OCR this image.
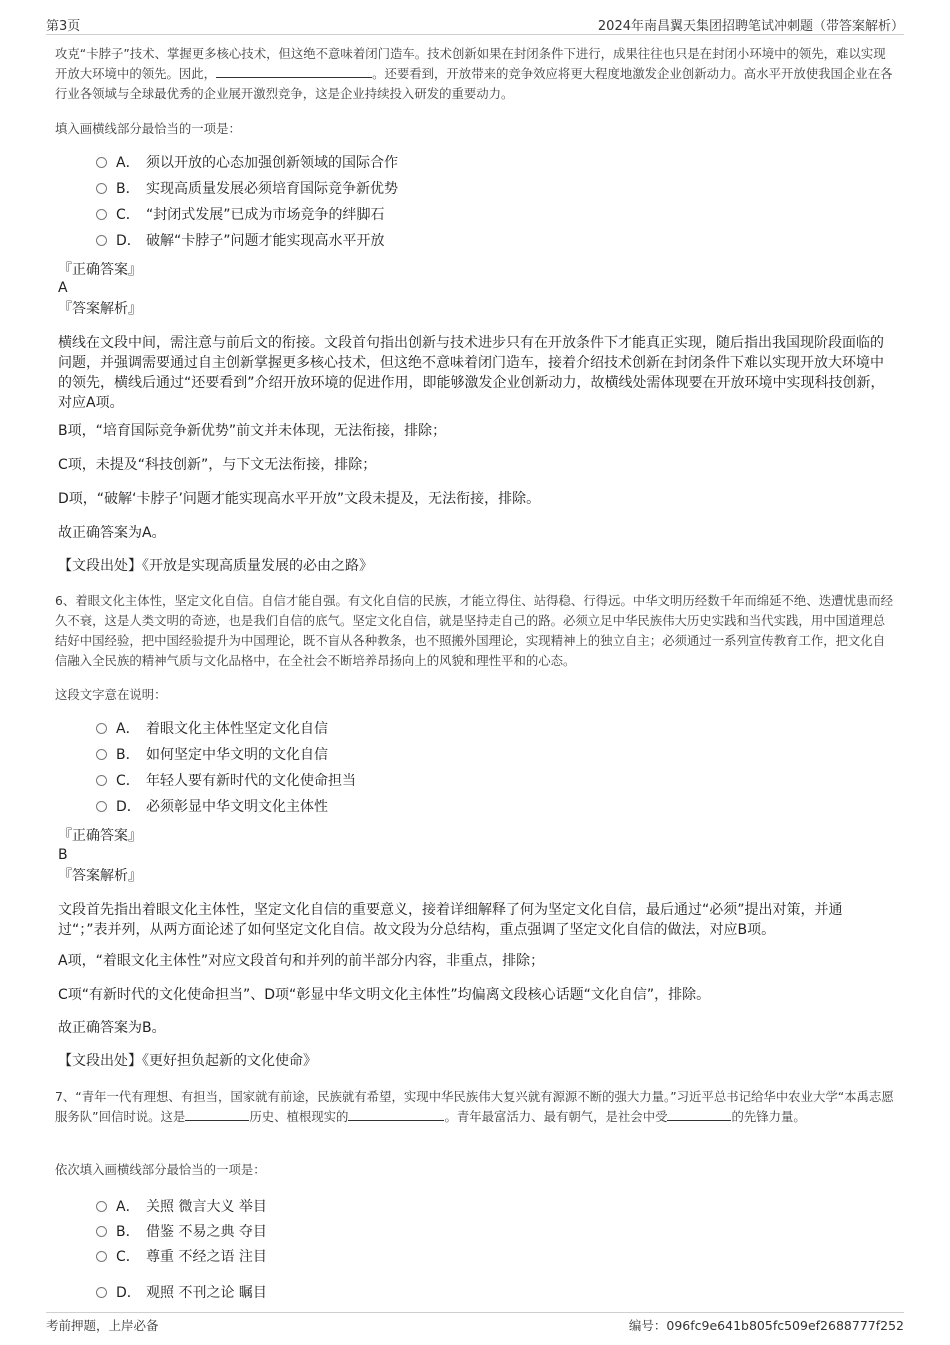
第3页	2024年南昌翼天集团招聘笔试冲刺题（带答案解析）

攻克“卡脖子”技术、掌握更多核心技术，但这绝不意味着闭门造车。技术创新如果在封闭条件下进行，成果往往也只是在封闭小环境中的领先，难以实现开放大环境中的领先。因此，	。还要看到，开放带来的竞争效应将更大程度地激发企业创新动力。高水平开放使我国企业在各行业各领域与全球最优秀的企业展开激烈竞争，这是企业持续投入研发的重要动力。

填入画横线部分最恰当的一项是：

A． 须以开放的心态加强创新领域的国际合作
B． 实现高质量发展必须培育国际竞争新优势
C． “封闭式发展”已成为市场竞争的绊脚石
D． 破解“卡脖子”问题才能实现高水平开放
『正确答案』
A
『答案解析』

横线在文段中间，需注意与前后文的衔接。文段首句指出创新与技术进步只有在开放条件下才能真正实现，随后指出我国现阶段面临的问题，并强调需要通过自主创新掌握更多核心技术，但这绝不意味着闭门造车，接着介绍技术创新在封闭条件下难以实现开放大环境中的领先，横线后通过“还要看到”介绍开放环境的促进作用，即能够激发企业创新动力，故横线处需体现要在开放环境中实现科技创新，对应A项。

B项，“培育国际竞争新优势”前文并未体现，无法衔接，排除；

C项，未提及“科技创新”，与下文无法衔接，排除；

D项，“破解‘卡脖子’问题才能实现高水平开放”文段未提及，无法衔接，排除。

故正确答案为A。

【文段出处】《开放是实现高质量发展的必由之路》

6、着眼文化主体性，坚定文化自信。自信才能自强。有文化自信的民族，才能立得住、站得稳、行得远。中华文明历经数千年而绵延不绝、迭遭忧患而经久不衰，这是人类文明的奇迹，也是我们自信的底气。坚定文化自信，就是坚持走自己的路。必须立足中华民族伟大历史实践和当代实践，用中国道理总结好中国经验，把中国经验提升为中国理论，既不盲从各种教条，也不照搬外国理论，实现精神上的独立自主；必须通过一系列宣传教育工作，把文化自信融入全民族的精神气质与文化品格中，在全社会不断培养昂扬向上的风貌和理性平和的心态。

这段文字意在说明：

A． 着眼文化主体性坚定文化自信
B． 如何坚定中华文明的文化自信
C． 年轻人要有新时代的文化使命担当
D． 必须彰显中华文明文化主体性
『正确答案』
B
『答案解析』

文段首先指出着眼文化主体性，坚定文化自信的重要意义，接着详细解释了何为坚定文化自信，最后通过“必须”提出对策，并通过“；”表并列，从两方面论述了如何坚定文化自信。故文段为分总结构，重点强调了坚定文化自信的做法，对应B项。

A项，“着眼文化主体性”对应文段首句和并列的前半部分内容，非重点，排除；

C项“有新时代的文化使命担当”、D项“彰显中华文明文化主体性”均偏离文段核心话题“文化自信”，排除。

故正确答案为B。

【文段出处】《更好担负起新的文化使命》

7、“青年一代有理想、有担当，国家就有前途，民族就有希望，实现中华民族伟大复兴就有源源不断的强大力量。”习近平总书记给华中农业大学“本禹志愿服务队”回信时说。这是	历史、植根现实的	。青年最富活力、最有朝气，是社会中受	的先锋力量。

依次填入画横线部分最恰当的一项是：

A． 关照 微言大义 举目
B． 借鉴 不易之典 夺目
C． 尊重 不经之语 注目
D． 观照 不刊之论 瞩目
考前押题，上岸必备	编号：096fc9e641b805fc509ef2688777f252
